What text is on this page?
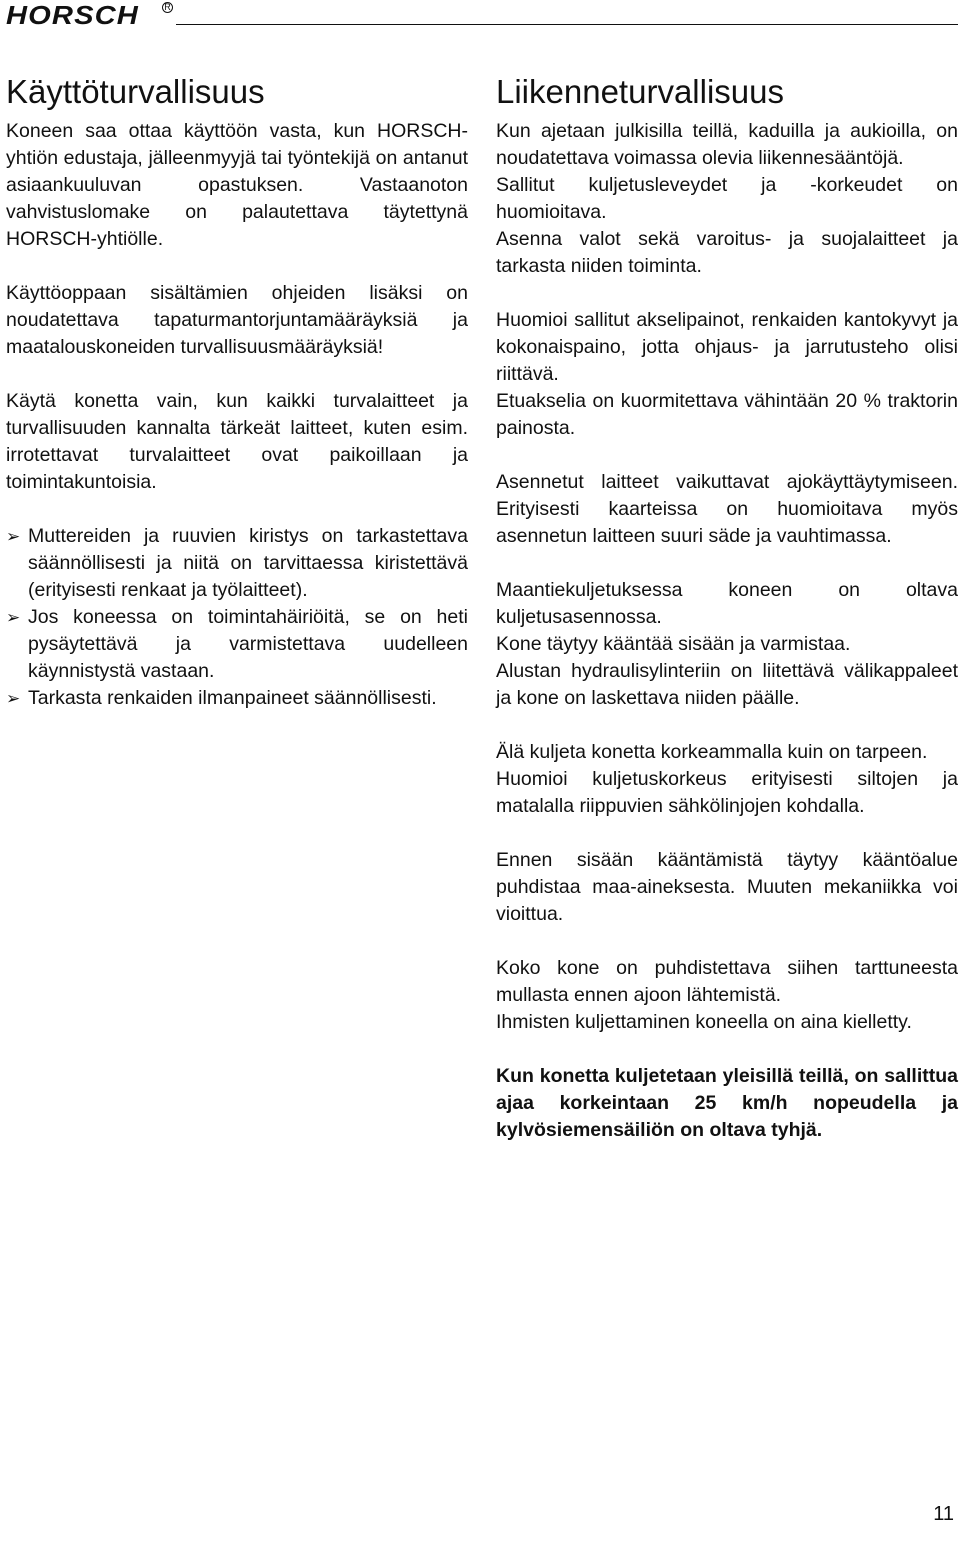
HORSCH	R
Käyttöturvallisuus

Koneen saa ottaa käyttöön vasta, kun HORSCH-yhtiön edustaja, jälleenmyyjä tai työntekijä on antanut asiaankuuluvan opastuksen. Vastaanoton vahvistuslomake on palautettava täytettynä HORSCH-yhtiölle.

Käyttöoppaan sisältämien ohjeiden lisäksi on noudatettava tapaturmantorjuntamääräyksiä ja maatalouskoneiden turvallisuusmääräyksiä!

Käytä konetta vain, kun kaikki turvalaitteet ja turvallisuuden kannalta tärkeät laitteet, kuten esim. irrotettavat turvalaitteet ovat paikoillaan ja toimintakuntoisia.

➢ Muttereiden ja ruuvien kiristys on tarkastettava säännöllisesti ja niitä on tarvittaessa kiristettävä (erityisesti renkaat ja työlaitteet).
➢ Jos koneessa on toimintahäiriöitä, se on heti pysäytettävä ja varmistettava uudelleen käynnistystä vastaan.
➢ Tarkasta renkaiden ilmanpaineet säännöllisesti.
Liikenneturvallisuus

Kun ajetaan julkisilla teillä, kaduilla ja aukioilla, on noudatettava voimassa olevia liikennesääntöjä.

Sallitut kuljetusleveydet ja -korkeudet on huomioitava.

Asenna valot sekä varoitus- ja suojalaitteet ja tarkasta niiden toiminta.

Huomioi sallitut akselipainot, renkaiden kantokyvyt ja kokonaispaino, jotta ohjaus- ja jarrutusteho olisi riittävä.

Etuakselia on kuormitettava vähintään 20 % traktorin painosta.

Asennetut laitteet vaikuttavat ajokäyttäytymiseen. Erityisesti kaarteissa on huomioitava myös asennetun laitteen suuri säde ja vauhtimassa.

Maantiekuljetuksessa koneen on oltava kuljetusasennossa.

Kone täytyy kääntää sisään ja varmistaa.

Alustan hydraulisylinteriin on liitettävä välikappaleet ja kone on laskettava niiden päälle.

Älä kuljeta konetta korkeammalla kuin on tarpeen.

Huomioi kuljetuskorkeus erityisesti siltojen ja matalalla riippuvien sähkölinjojen kohdalla.

Ennen sisään kääntämistä täytyy kääntöalue puhdistaa maa-aineksesta. Muuten mekaniikka voi vioittua.

Koko kone on puhdistettava siihen tarttuneesta mullasta ennen ajoon lähtemistä.

Ihmisten kuljettaminen koneella on aina kielletty.

Kun konetta kuljetetaan yleisillä teillä, on sallittua ajaa korkeintaan 25 km/h nopeudella ja kylvösiemensäiliön on oltava tyhjä.

11
